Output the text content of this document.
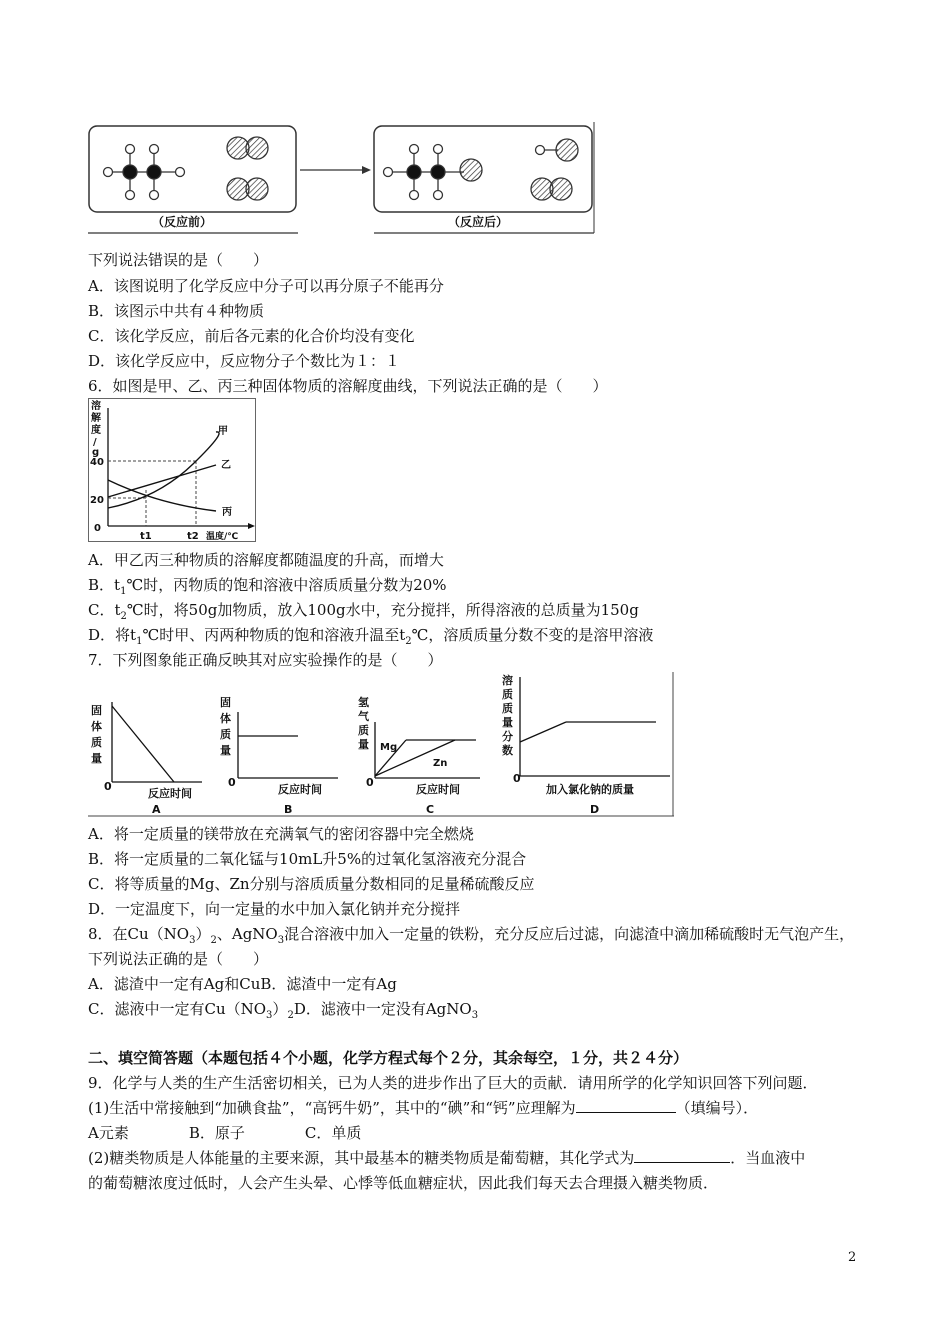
（反应前）	（反应后）
下列说法错误的是（　　）
A．该图说明了化学反应中分子可以再分原子不能再分
B．该图示中共有４种物质
C．该化学反应，前后各元素的化合价均没有变化
D．该化学反应中，反应物分子个数比为１：１
6．如图是甲、乙、丙三种固体物质的溶解度曲线，下列说法正确的是（　　）
溶
解
度
/
g
40
20
0
t1	t2 温度/℃
甲
乙
丙
A．甲乙丙三种物质的溶解度都随温度的升高，而增大
B．$t_1℃$时，丙物质的饱和溶液中溶质质量分数为20%
C．$t_2℃$时，将50g加物质，放入100g水中，充分搅拌，所得溶液的总质量为150g
D．将$t_1℃$时甲、丙两种物质的饱和溶液升温至$t_2℃$，溶质质量分数不变的是溶甲溶液
7．下列图象能正确反映其对应实验操作的是（　　）
固
体
质
量
0
反应时间
A
固
体
质
量
0
反应时间
B
氢
气
质
量
0
Mg
Zn
反应时间
C
溶
质
质
量
分
数
0
加入氯化钠的质量
D
A．将一定质量的镁带放在充满氧气的密闭容器中完全燃烧
B．将一定质量的二氧化锰与10mL升5%的过氧化氢溶液充分混合
C．将等质量的Mg、Zn分别与溶质质量分数相同的足量稀硫酸反应
D．一定温度下，向一定量的水中加入氯化钠并充分搅拌
8．在$Cu(NO_3)_2$、AgNO$_3$混合溶液中加入一定量的铁粉，充分反应后过滤，向滤渣中滴加稀硫酸时无气泡产生，
下列说法正确的是（　　）
A．滤渣中一定有Ag和CuB．滤渣中一定有Ag
C．滤液中一定有$Cu(NO_3)_2D$．滤液中一定没有AgNO$_3$
二、填空简答题（本题包括４个小题，化学方程式每个２分，其余每空，１分，共２４分）
9．化学与人类的生产生活密切相关，已为人类的进步作出了巨大的贡献．请用所学的化学知识回答下列问题．
(1)生活中常接触到“加碘食盐”，“高钙牛奶”，其中的“碘”和“钙”应理解为	（填编号）．
A元素　　　　B．原子　　　　C．单质
(2)糖类物质是人体能量的主要来源，其中最基本的糖类物质是葡萄糖，其化学式为	．当血液中
的葡萄糖浓度过低时，人会产生头晕、心悸等低血糖症状，因此我们每天去合理摄入糖类物质．
2
